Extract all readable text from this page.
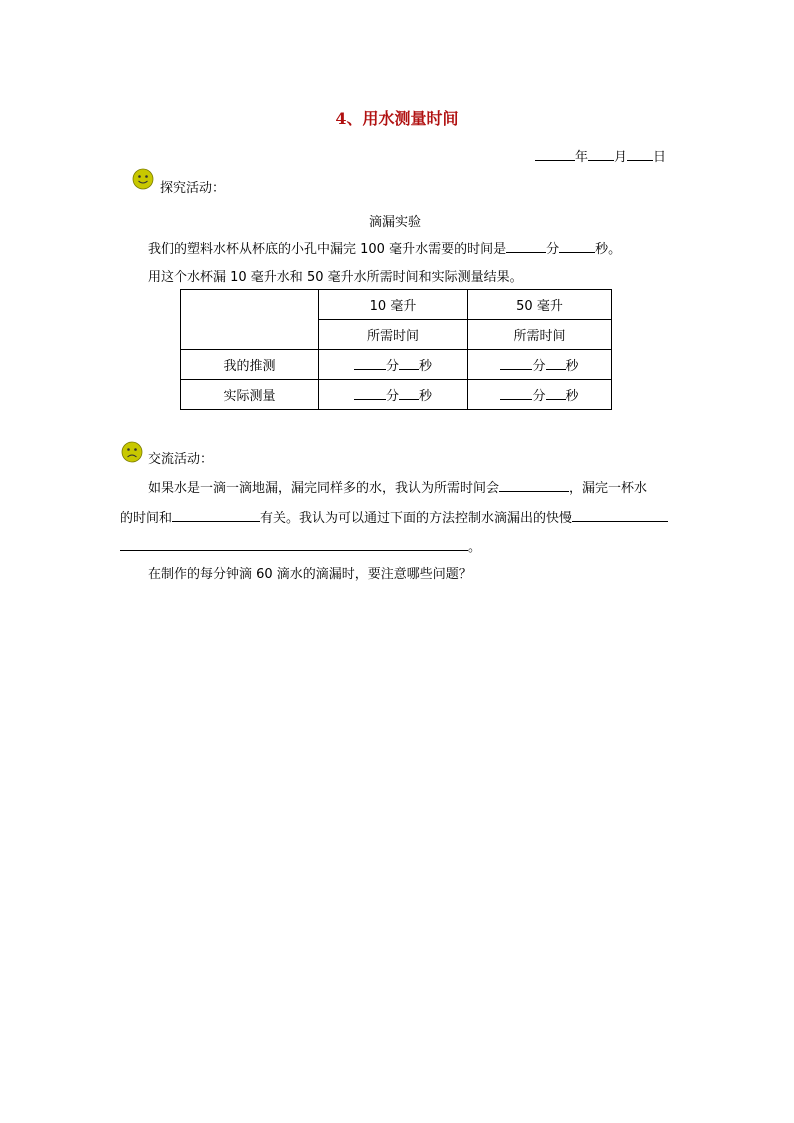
4、用水测量时间
年 月 日
探究活动：
滴漏实验
我们的塑料水杯从杯底的小孔中漏完 100 毫升水需要的时间是	分	秒。
用这个水杯漏 10 毫升水和 50 毫升水所需时间和实际测量结果。
	10 毫升	50 毫升
	所需时间	所需时间
我的推测	分 秒	分 秒
实际测量	分 秒	分 秒
交流活动：
如果水是一滴一滴地漏，漏完同样多的水，我认为所需时间会	，漏完一杯水
的时间和	有关。我认为可以通过下面的方法控制水滴漏出的快慢
。
在制作的每分钟滴 60 滴水的滴漏时，要注意哪些问题？
